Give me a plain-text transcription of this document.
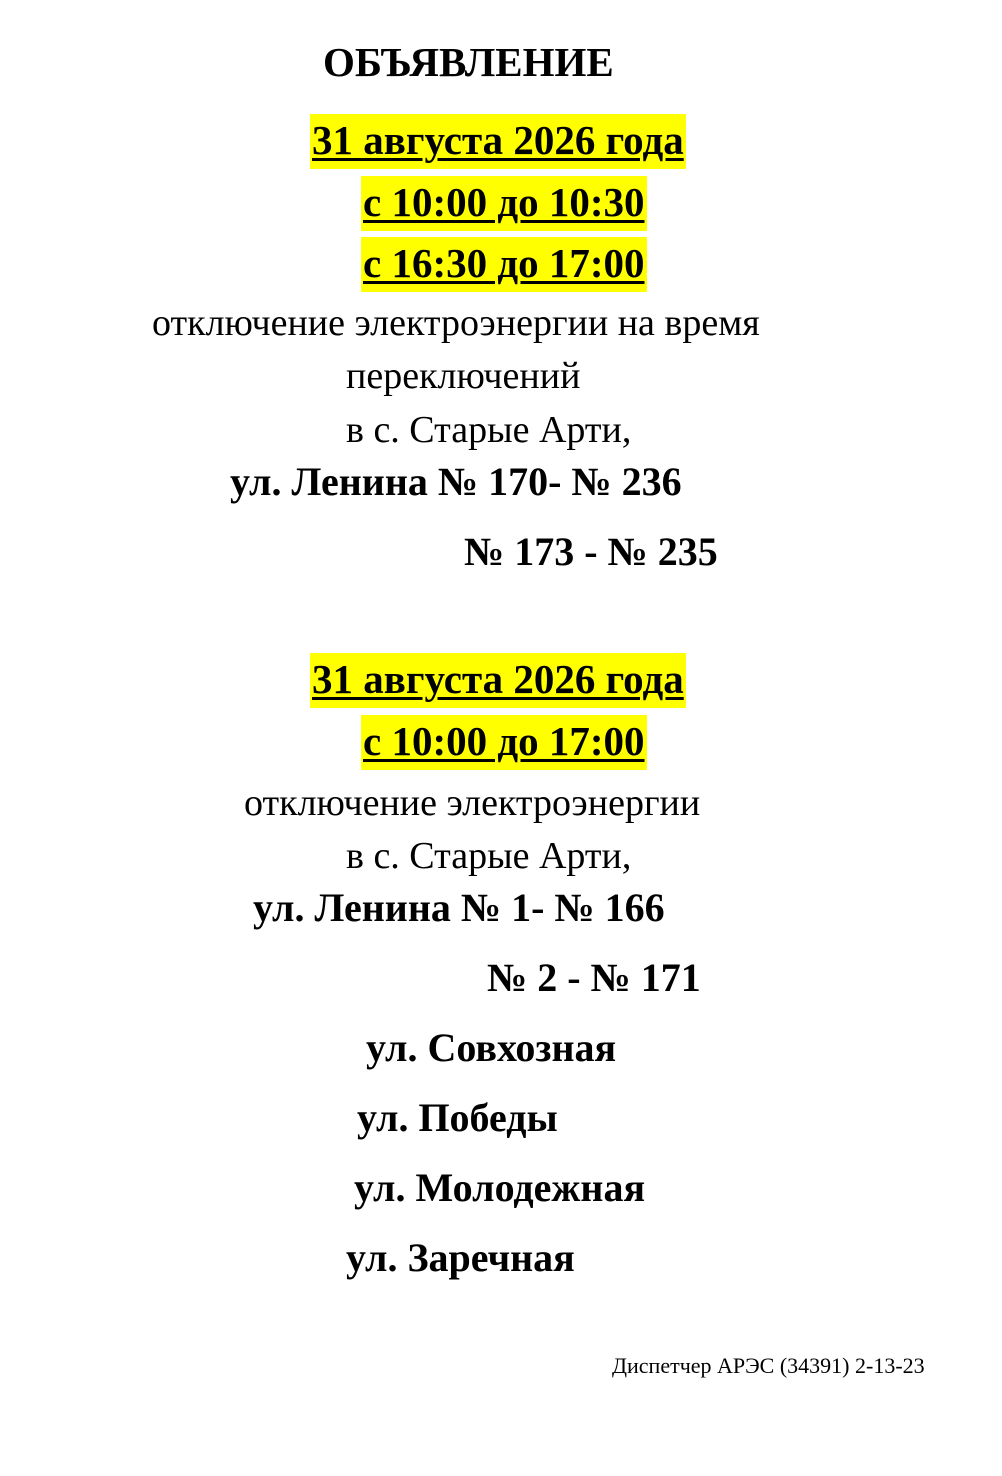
ОБЪЯВЛЕНИЕ
31 августа 2026 года
с 10:00 до 10:30
с 16:30 до 17:00
отключение электроэнергии на время
переключений
в с. Старые Арти,
ул. Ленина № 170- № 236
№ 173 - № 235
31 августа 2026 года
с 10:00 до 17:00
отключение электроэнергии
в с. Старые Арти,
ул. Ленина № 1- № 166
№ 2 - № 171
ул. Совхозная
ул. Победы
ул. Молодежная
ул. Заречная
Диспетчер АРЭС (34391) 2-13-23
